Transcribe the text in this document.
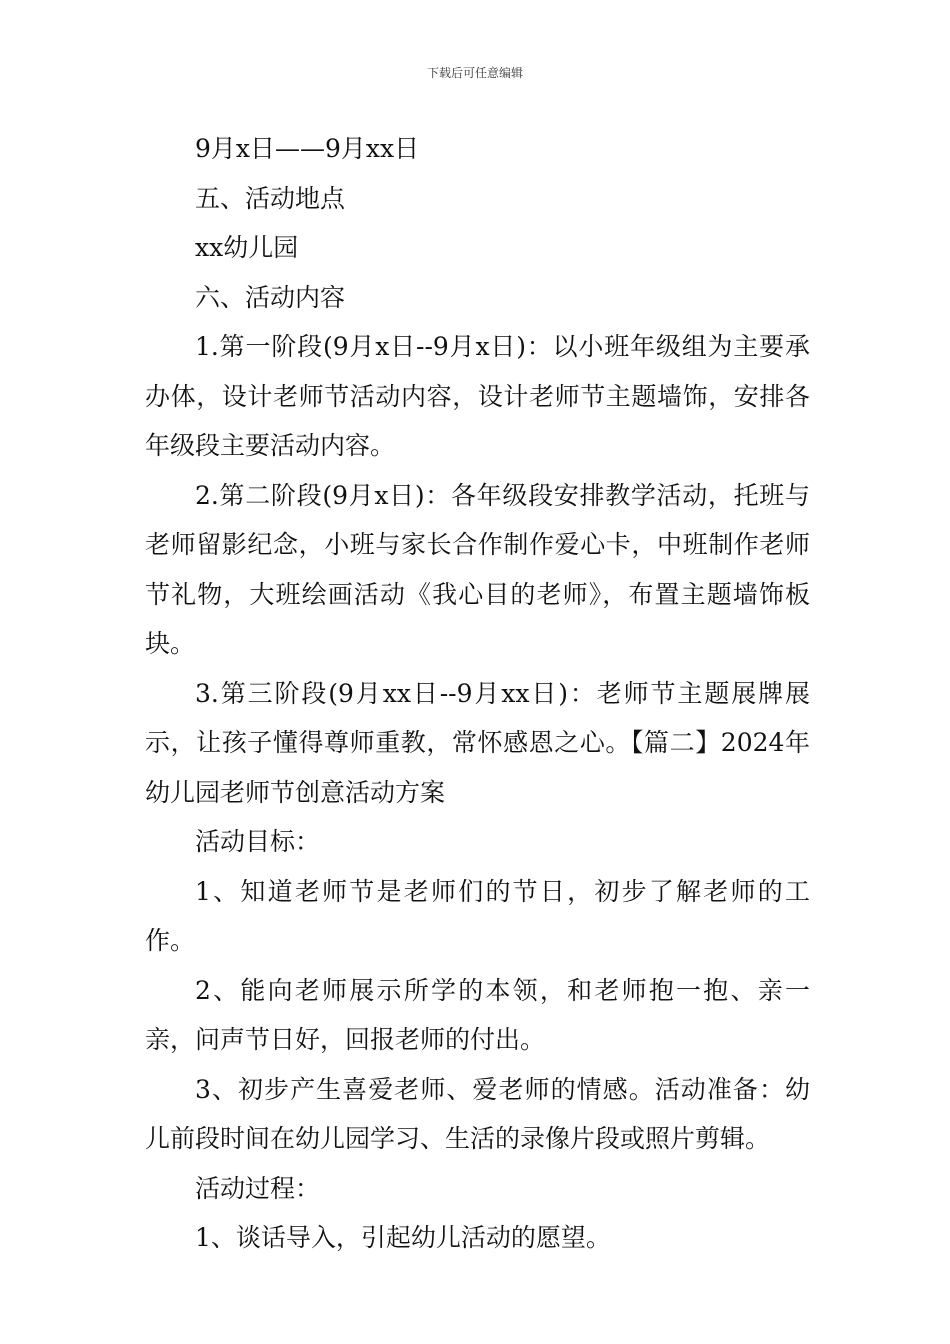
下载后可任意编辑

9月x日——9月xx日

五、活动地点

xx幼儿园

六、活动内容

1.第一阶段(9月x日--9月x日)：以小班年级组为主要承办体，设计老师节活动内容，设计老师节主题墙饰，安排各年级段主要活动内容。

2.第二阶段(9月x日)：各年级段安排教学活动，托班与老师留影纪念，小班与家长合作制作爱心卡，中班制作老师节礼物，大班绘画活动《我心目的老师》，布置主题墙饰板块。

3.第三阶段(9月xx日--9月xx日)：老师节主题展牌展示，让孩子懂得尊师重教，常怀感恩之心。【篇二】2024年幼儿园老师节创意活动方案

活动目标：

1、知道老师节是老师们的节日，初步了解老师的工作。

2、能向老师展示所学的本领，和老师抱一抱、亲一亲，问声节日好，回报老师的付出。

3、初步产生喜爱老师、爱老师的情感。活动准备：幼儿前段时间在幼儿园学习、生活的录像片段或照片剪辑。

活动过程：

1、谈话导入，引起幼儿活动的愿望。
